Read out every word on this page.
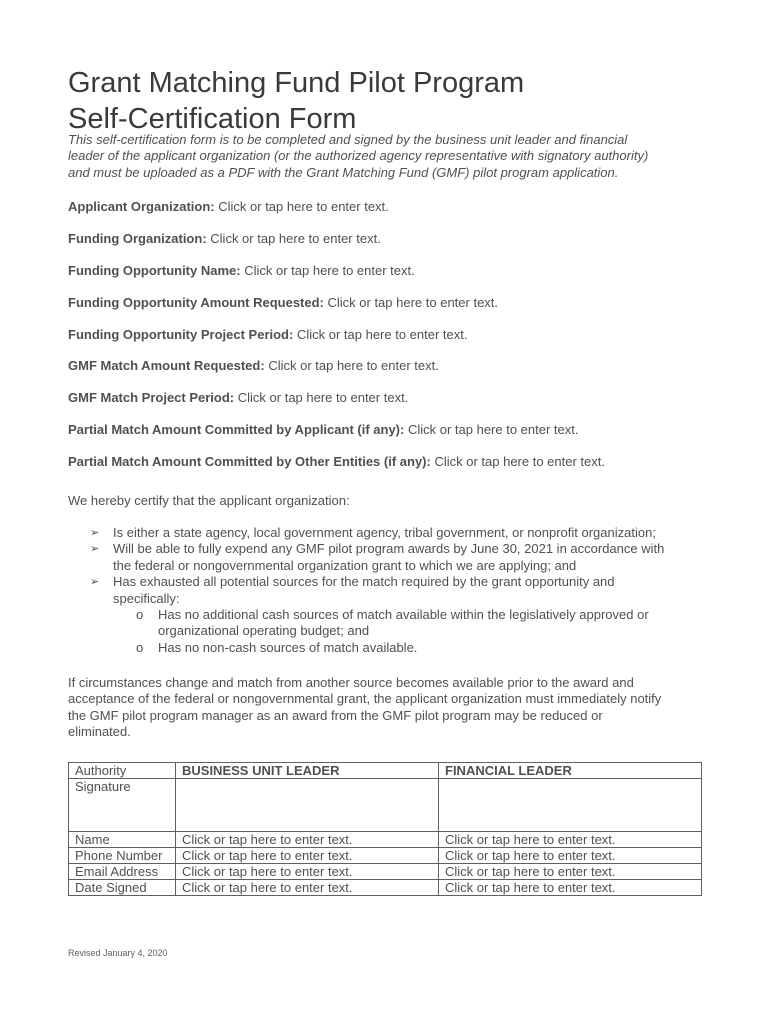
Grant Matching Fund Pilot Program
Self-Certification Form
This self-certification form is to be completed and signed by the business unit leader and financial
leader of the applicant organization (or the authorized agency representative with signatory authority)
and must be uploaded as a PDF with the Grant Matching Fund (GMF) pilot program application.
Applicant Organization: Click or tap here to enter text.
Funding Organization: Click or tap here to enter text.
Funding Opportunity Name: Click or tap here to enter text.
Funding Opportunity Amount Requested: Click or tap here to enter text.
Funding Opportunity Project Period: Click or tap here to enter text.
GMF Match Amount Requested: Click or tap here to enter text.
GMF Match Project Period: Click or tap here to enter text.
Partial Match Amount Committed by Applicant (if any): Click or tap here to enter text.
Partial Match Amount Committed by Other Entities (if any): Click or tap here to enter text.
We hereby certify that the applicant organization:
➢ Is either a state agency, local government agency, tribal government, or nonprofit organization;
➢ Will be able to fully expend any GMF pilot program awards by June 30, 2021 in accordance with
the federal or nongovernmental organization grant to which we are applying; and
➢ Has exhausted all potential sources for the match required by the grant opportunity and
specifically:
o Has no additional cash sources of match available within the legislatively approved or
organizational operating budget; and
o Has no non-cash sources of match available.
If circumstances change and match from another source becomes available prior to the award and
acceptance of the federal or nongovernmental grant, the applicant organization must immediately notify
the GMF pilot program manager as an award from the GMF pilot program may be reduced or
eliminated.
Authority	BUSINESS UNIT LEADER	FINANCIAL LEADER
Signature		
Name	Click or tap here to enter text.	Click or tap here to enter text.
Phone Number	Click or tap here to enter text.	Click or tap here to enter text.
Email Address	Click or tap here to enter text.	Click or tap here to enter text.
Date Signed	Click or tap here to enter text.	Click or tap here to enter text.
Revised January 4, 2020
